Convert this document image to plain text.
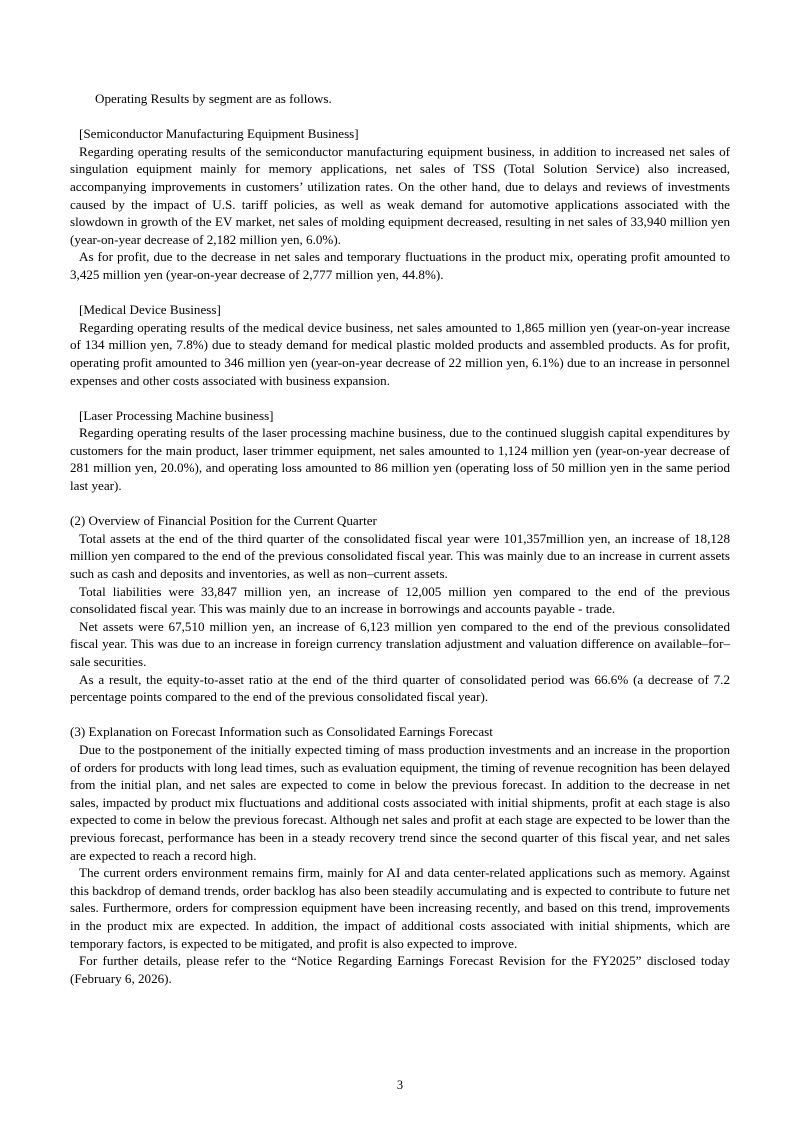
Operating Results by segment are as follows.

[Semiconductor Manufacturing Equipment Business]

Regarding operating results of the semiconductor manufacturing equipment business, in addition to increased net sales of singulation equipment mainly for memory applications, net sales of TSS (Total Solution Service) also increased, accompanying improvements in customers’ utilization rates. On the other hand, due to delays and reviews of investments caused by the impact of U.S. tariff policies, as well as weak demand for automotive applications associated with the slowdown in growth of the EV market, net sales of molding equipment decreased, resulting in net sales of 33,940 million yen (year-on-year decrease of 2,182 million yen, 6.0%).

As for profit, due to the decrease in net sales and temporary fluctuations in the product mix, operating profit amounted to 3,425 million yen (year-on-year decrease of 2,777 million yen, 44.8%).

[Medical Device Business]

Regarding operating results of the medical device business, net sales amounted to 1,865 million yen (year-on-year increase of 134 million yen, 7.8%) due to steady demand for medical plastic molded products and assembled products. As for profit, operating profit amounted to 346 million yen (year-on-year decrease of 22 million yen, 6.1%) due to an increase in personnel expenses and other costs associated with business expansion.

[Laser Processing Machine business]

Regarding operating results of the laser processing machine business, due to the continued sluggish capital expenditures by customers for the main product, laser trimmer equipment, net sales amounted to 1,124 million yen (year-on-year decrease of 281 million yen, 20.0%), and operating loss amounted to 86 million yen (operating loss of 50 million yen in the same period last year).

(2) Overview of Financial Position for the Current Quarter

Total assets at the end of the third quarter of the consolidated fiscal year were 101,357million yen, an increase of 18,128 million yen compared to the end of the previous consolidated fiscal year. This was mainly due to an increase in current assets such as cash and deposits and inventories, as well as non–current assets.

Total liabilities were 33,847 million yen, an increase of 12,005 million yen compared to the end of the previous consolidated fiscal year. This was mainly due to an increase in borrowings and accounts payable - trade.

Net assets were 67,510 million yen, an increase of 6,123 million yen compared to the end of the previous consolidated fiscal year. This was due to an increase in foreign currency translation adjustment and valuation difference on available–for–sale securities.

As a result, the equity-to-asset ratio at the end of the third quarter of consolidated period was 66.6% (a decrease of 7.2 percentage points compared to the end of the previous consolidated fiscal year).

(3) Explanation on Forecast Information such as Consolidated Earnings Forecast

Due to the postponement of the initially expected timing of mass production investments and an increase in the proportion of orders for products with long lead times, such as evaluation equipment, the timing of revenue recognition has been delayed from the initial plan, and net sales are expected to come in below the previous forecast. In addition to the decrease in net sales, impacted by product mix fluctuations and additional costs associated with initial shipments, profit at each stage is also expected to come in below the previous forecast. Although net sales and profit at each stage are expected to be lower than the previous forecast, performance has been in a steady recovery trend since the second quarter of this fiscal year, and net sales are expected to reach a record high.

The current orders environment remains firm, mainly for AI and data center-related applications such as memory. Against this backdrop of demand trends, order backlog has also been steadily accumulating and is expected to contribute to future net sales. Furthermore, orders for compression equipment have been increasing recently, and based on this trend, improvements in the product mix are expected. In addition, the impact of additional costs associated with initial shipments, which are temporary factors, is expected to be mitigated, and profit is also expected to improve.

For further details, please refer to the “Notice Regarding Earnings Forecast Revision for the FY2025” disclosed today (February 6, 2026).

3
